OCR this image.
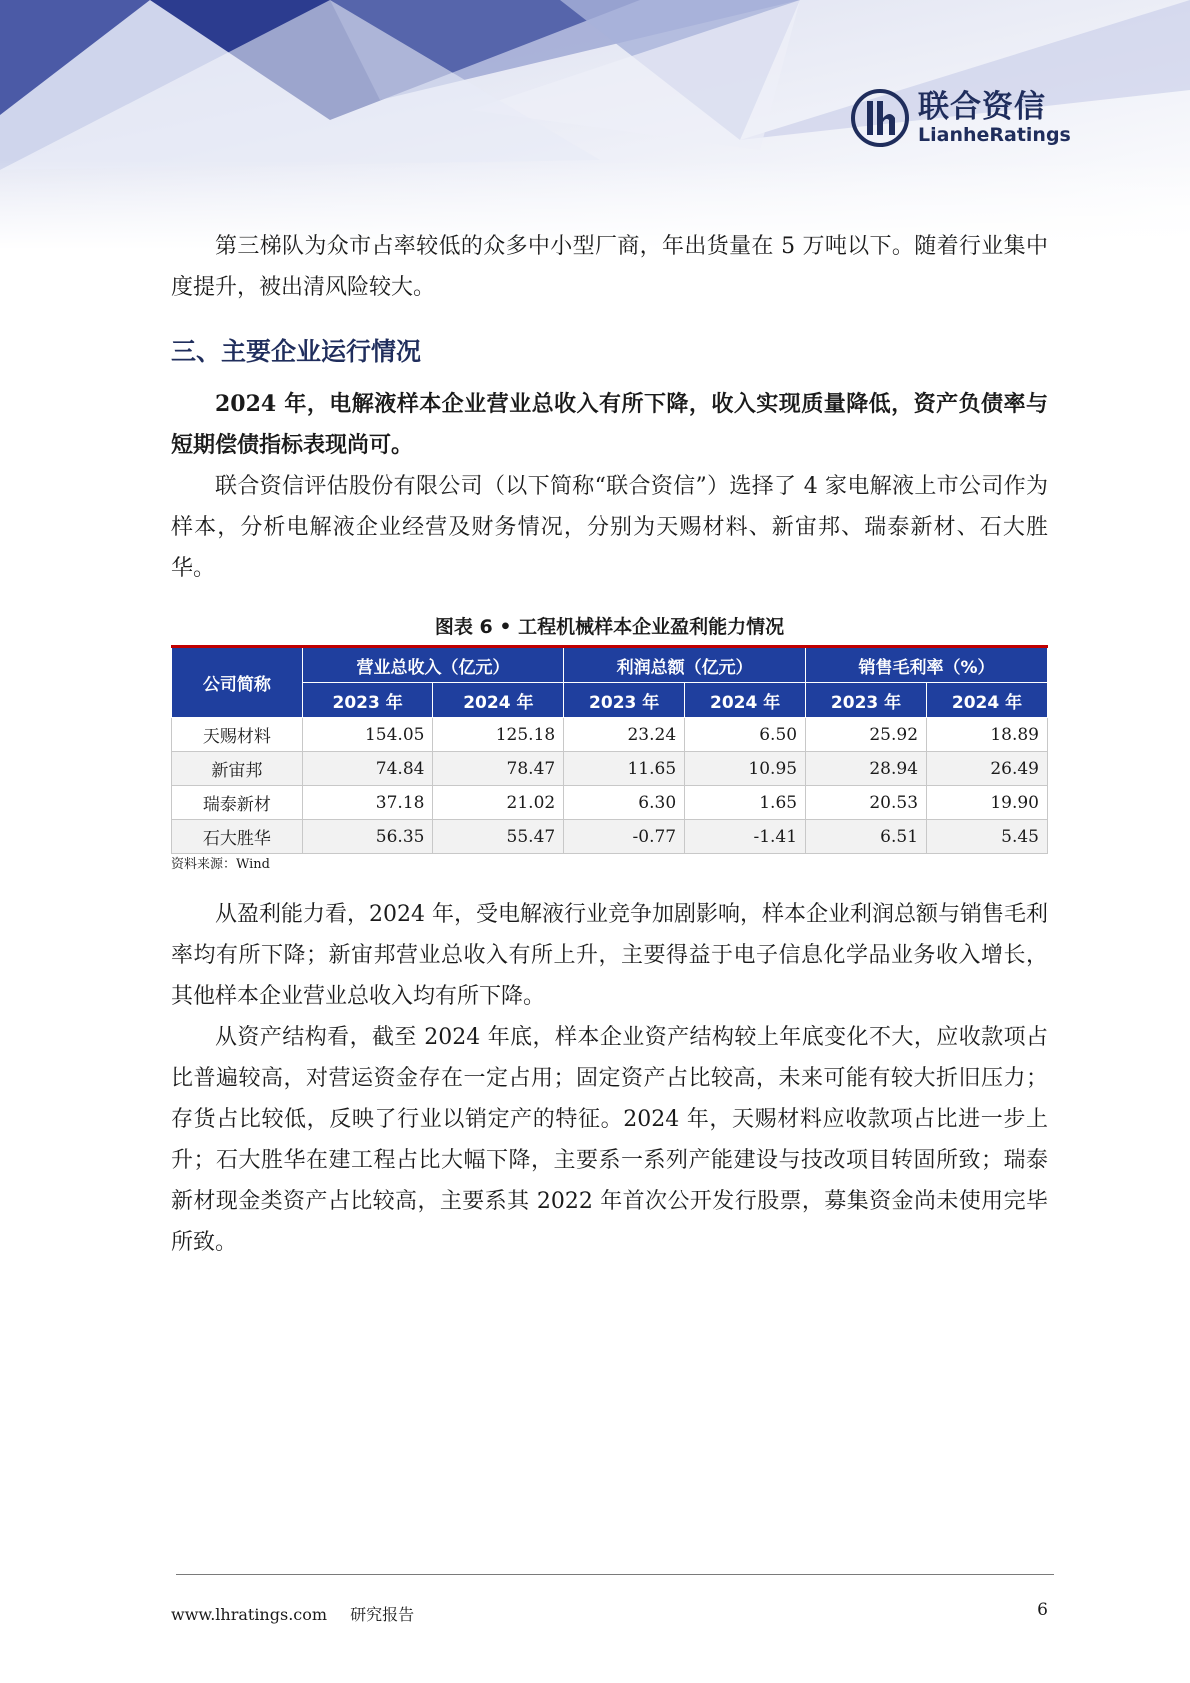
联合资信
LianheRatings

第三梯队为众市占率较低的众多中小型厂商，年出货量在 5 万吨以下。随着行业集中度提升，被出清风险较大。

三、主要企业运行情况

2024 年，电解液样本企业营业总收入有所下降，收入实现质量降低，资产负债率与短期偿债指标表现尚可。

联合资信评估股份有限公司（以下简称“联合资信”）选择了 4 家电解液上市公司作为样本，分析电解液企业经营及财务情况，分别为天赐材料、新宙邦、瑞泰新材、石大胜华。

图表 6 • 工程机械样本企业盈利能力情况
公司简称	营业总收入（亿元）		利润总额（亿元）		销售毛利率（%）	
	2023 年	2024 年	2023 年	2024 年	2023 年	2024 年
天赐材料	154.05	125.18	23.24	6.50	25.92	18.89
新宙邦	74.84	78.47	11.65	10.95	28.94	26.49
瑞泰新材	37.18	21.02	6.30	1.65	20.53	19.90
石大胜华	56.35	55.47	-0.77	-1.41	6.51	5.45
资料来源：Wind

从盈利能力看，2024 年，受电解液行业竞争加剧影响，样本企业利润总额与销售毛利率均有所下降；新宙邦营业总收入有所上升，主要得益于电子信息化学品业务收入增长，其他样本企业营业总收入均有所下降。

从资产结构看，截至 2024 年底，样本企业资产结构较上年底变化不大，应收款项占比普遍较高，对营运资金存在一定占用；固定资产占比较高，未来可能有较大折旧压力；存货占比较低，反映了行业以销定产的特征。2024 年，天赐材料应收款项占比进一步上升；石大胜华在建工程占比大幅下降，主要系一系列产能建设与技改项目转固所致；瑞泰新材现金类资产占比较高，主要系其 2022 年首次公开发行股票，募集资金尚未使用完毕所致。

www.lhratings.com 研究报告	6
